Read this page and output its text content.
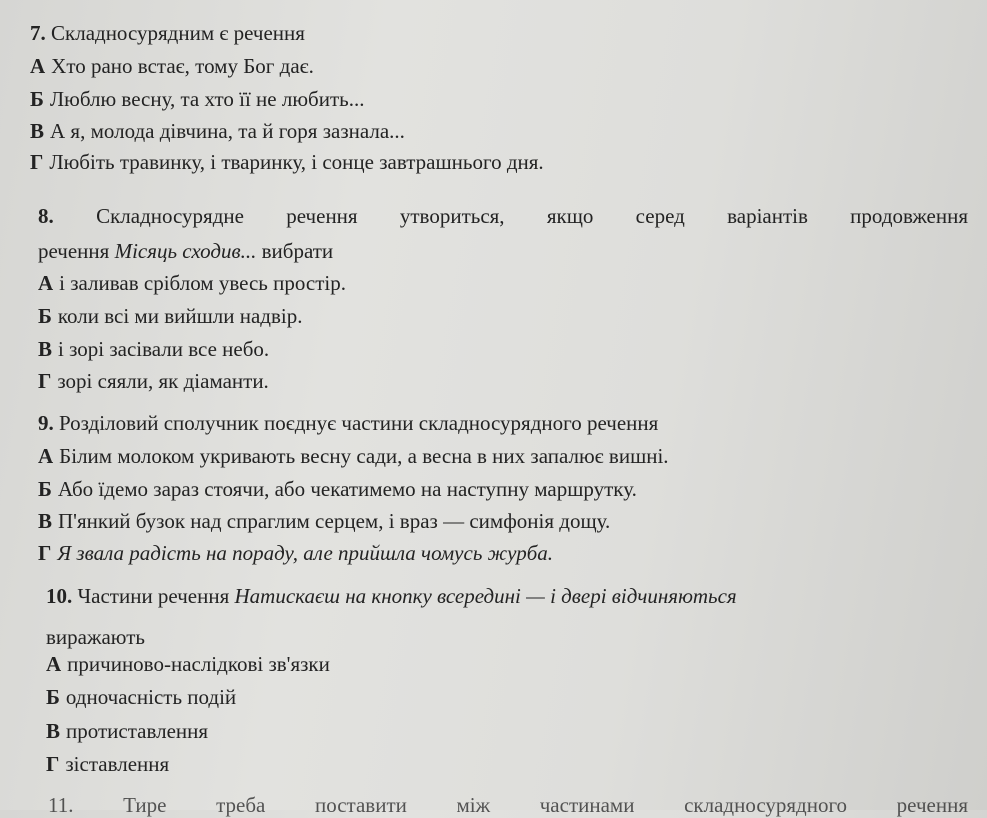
7. Складносурядним є речення
А Хто рано встає, тому Бог дає.
Б Люблю весну, та хто її не любить...
В А я, молода дівчина, та й горя зазнала...
Г Любіть травинку, і тваринку, і сонце завтрашнього дня.
8. Складносурядне речення утвориться, якщо серед варіантів продовження
речення Місяць сходив... вибрати
А і заливав сріблом увесь простір.
Б коли всі ми вийшли надвір.
В і зорі засівали все небо.
Г зорі сяяли, як діаманти.
9. Розділовий сполучник поєднує частини складносурядного речення
А Білим молоком укривають весну сади, а весна в них запалює вишні.
Б Або їдемо зараз стоячи, або чекатимемо на наступну маршрутку.
В П'янкий бузок над спраглим серцем, і враз — симфонія дощу.
Г Я звала радість на пораду, але прийшла чомусь журба.
10. Частини речення Натискаєш на кнопку всередині — і двері відчиняються
виражають
А причиново-наслідкові зв'язки
Б одночасність подій
В протиставлення
Г зіставлення
11. Тире треба поставити між частинами складносурядного речення
